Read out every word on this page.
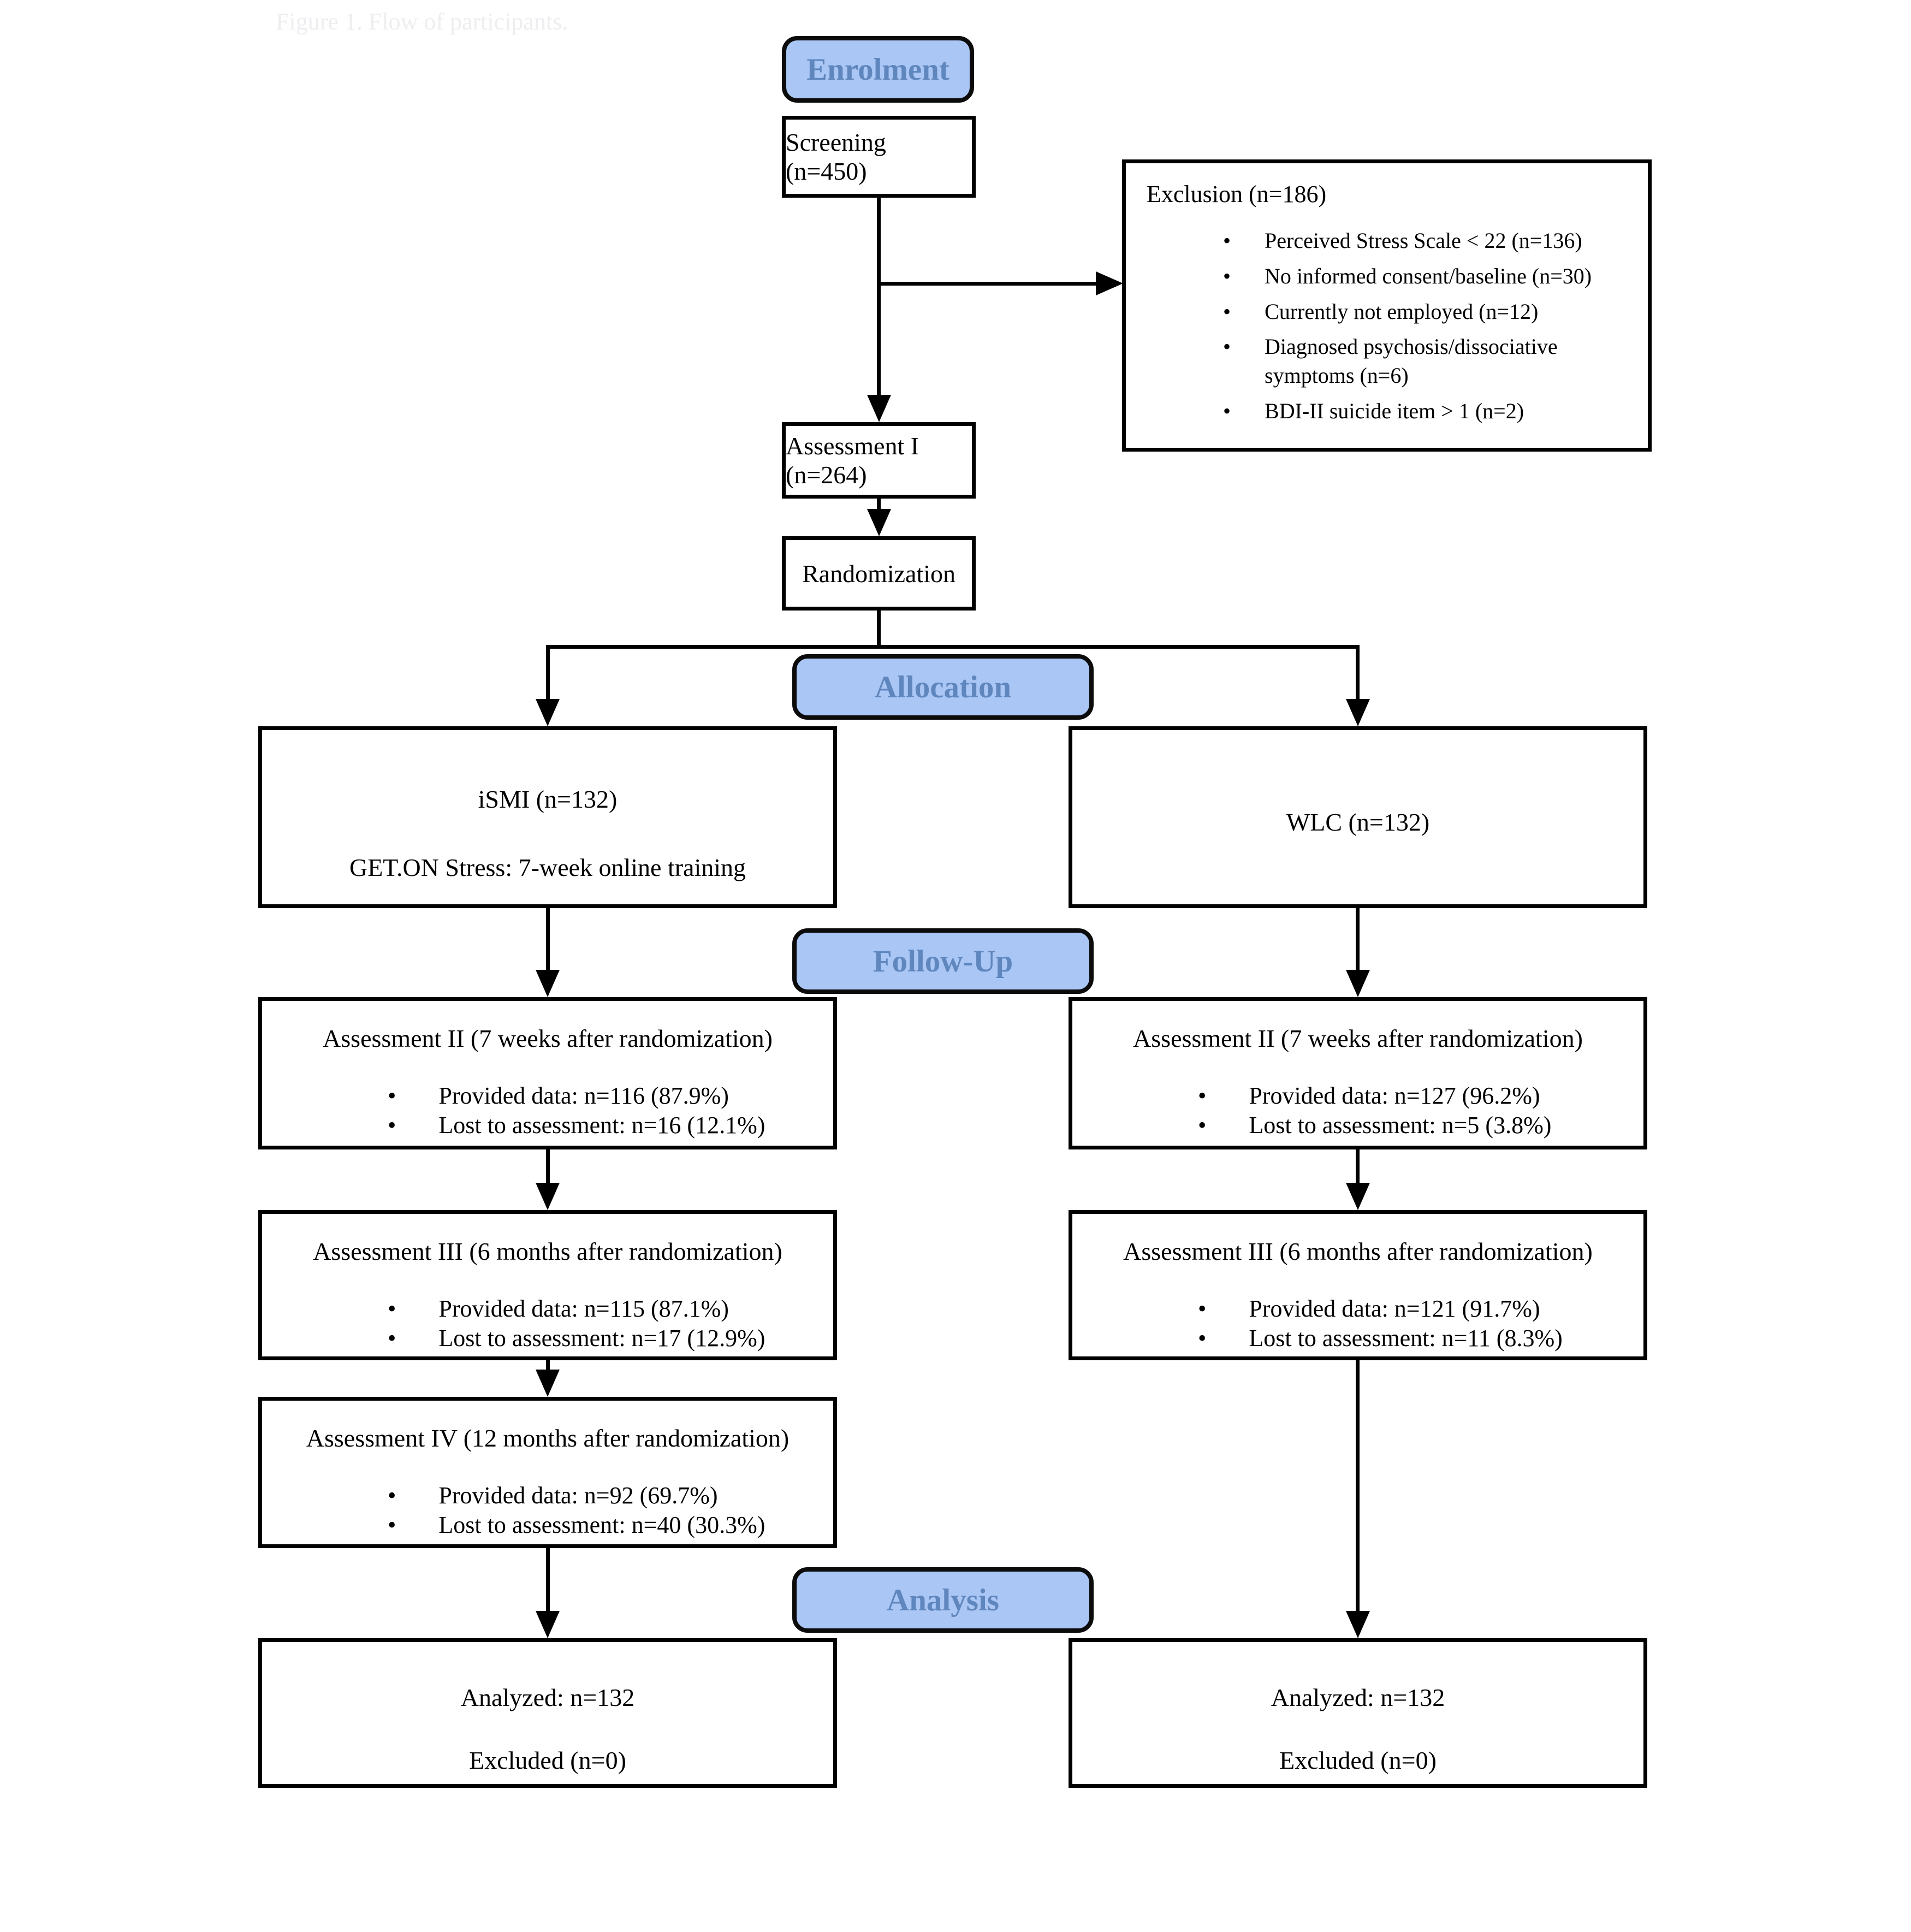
Figure 1. Flow of participants.
Enrolment
Allocation
Follow-Up
Analysis
Screening (n=450)
Exclusion (n=186)
• Perceived Stress Scale < 22 (n=136)
• No informed consent/baseline (n=30)
• Currently not employed (n=12)
• Diagnosed psychosis/dissociative symptoms (n=6)
• BDI-II suicide item > 1 (n=2)
Assessment I (n=264)
Randomization
iSMI (n=132)
GET.ON Stress: 7-week online training
WLC (n=132)
Assessment II (7 weeks after randomization)
• Provided data: n=116 (87.9%)
• Lost to assessment: n=16 (12.1%)
Assessment III (6 months after randomization)
• Provided data: n=115 (87.1%)
• Lost to assessment: n=17 (12.9%)
Assessment IV (12 months after randomization)
• Provided data: n=92 (69.7%)
• Lost to assessment: n=40 (30.3%)
Assessment II (7 weeks after randomization)
• Provided data: n=127 (96.2%)
• Lost to assessment: n=5 (3.8%)
Assessment III (6 months after randomization)
• Provided data: n=121 (91.7%)
• Lost to assessment: n=11 (8.3%)
Analyzed: n=132
Excluded (n=0)
Analyzed: n=132
Excluded (n=0)
